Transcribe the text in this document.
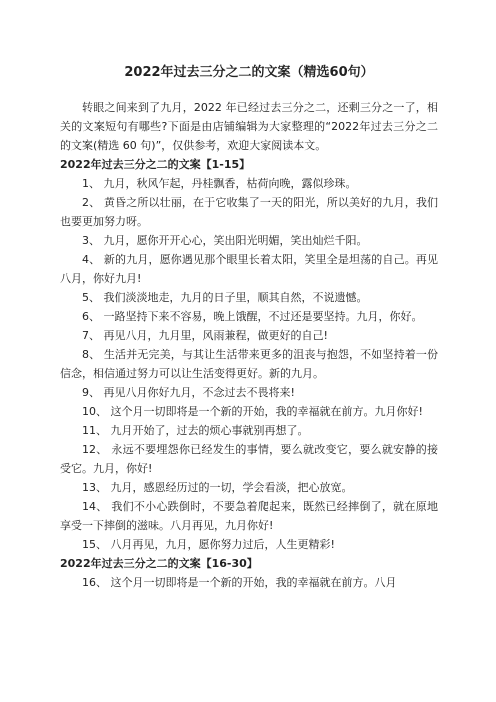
2022年过去三分之二的文案（精选60句）

转眼之间来到了九月，2022 年已经过去三分之二，还剩三分之一了，相关的文案短句有哪些?下面是由店铺编辑为大家整理的“2022年过去三分之二的文案(精选 60 句)”，仅供参考，欢迎大家阅读本文。

2022年过去三分之二的文案【1-15】

1、 九月，秋风乍起，丹桂飘香，枯荷向晚，露似珍珠。

2、 黄昏之所以壮丽，在于它收集了一天的阳光，所以美好的九月，我们也要更加努力呀。

3、 九月，愿你开开心心，笑出阳光明媚，笑出灿烂千阳。

4、 新的九月，愿你遇见那个眼里长着太阳，笑里全是坦荡的自己。再见八月，你好九月!

5、 我们淡淡地走，九月的日子里，顺其自然，不说遗憾。

6、 一路坚持下来不容易，晚上饿醒，不过还是要坚持。九月，你好。

7、 再见八月，九月里，风雨兼程，做更好的自己!

8、 生活并无完美，与其让生活带来更多的沮丧与抱怨，不如坚持着一份信念，相信通过努力可以让生活变得更好。新的九月。

9、 再见八月你好九月，不念过去不畏将来!

10、 这个月一切即将是一个新的开始，我的幸福就在前方。九月你好!

11、 九月开始了，过去的烦心事就别再想了。

12、 永远不要埋怨你已经发生的事情，要么就改变它，要么就安静的接受它。九月，你好!

13、 九月，感恩经历过的一切，学会看淡，把心放宽。

14、 我们不小心跌倒时，不要急着爬起来，既然已经摔倒了，就在原地享受一下摔倒的滋味。八月再见，九月你好!

15、 八月再见，九月，愿你努力过后，人生更精彩!

2022年过去三分之二的文案【16-30】

16、 这个月一切即将是一个新的开始，我的幸福就在前方。八月
